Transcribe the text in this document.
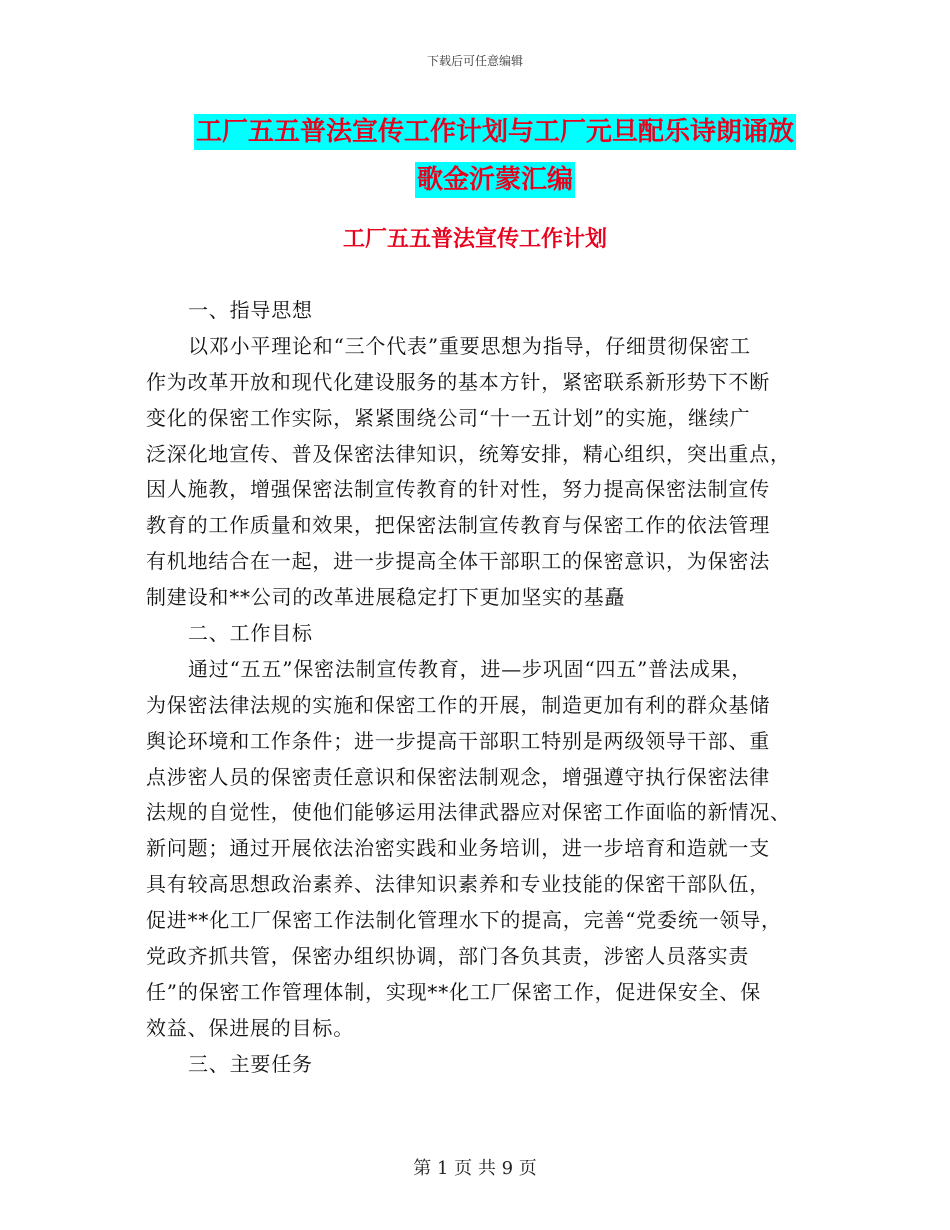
下载后可任意编辑
工厂五五普法宣传工作计划与工厂元旦配乐诗朗诵放
歌金沂蒙汇编
工厂五五普法宣传工作计划
一、指导思想
以邓小平理论和“三个代表”重要思想为指导，仔细贯彻保密工
作为改革开放和现代化建设服务的基本方针，紧密联系新形势下不断
变化的保密工作实际，紧紧围绕公司“十一五计划”的实施，继续广
泛深化地宣传、普及保密法律知识，统筹安排，精心组织，突出重点，
因人施教，增强保密法制宣传教育的针对性，努力提高保密法制宣传
教育的工作质量和效果，把保密法制宣传教育与保密工作的依法管理
有机地结合在一起，进一步提高全体干部职工的保密意识，为保密法
制建设和**公司的改革进展稳定打下更加坚实的基矗
二、工作目标
通过“五五”保密法制宣传教育，进—步巩固“四五”普法成果，
为保密法律法规的实施和保密工作的开展，制造更加有利的群众基储
舆论环境和工作条件；进一步提高干部职工特别是两级领导干部、重
点涉密人员的保密责任意识和保密法制观念，增强遵守执行保密法律
法规的自觉性，使他们能够运用法律武器应对保密工作面临的新情况、
新问题；通过开展依法治密实践和业务培训，进一步培育和造就一支
具有较高思想政治素养、法律知识素养和专业技能的保密干部队伍，
促进**化工厂保密工作法制化管理水下的提高，完善“党委统一领导，
党政齐抓共管，保密办组织协调，部门各负其责，涉密人员落实责
任”的保密工作管理体制，实现**化工厂保密工作，促进保安全、保
效益、保进展的目标。
三、主要任务
第 1 页 共 9 页
